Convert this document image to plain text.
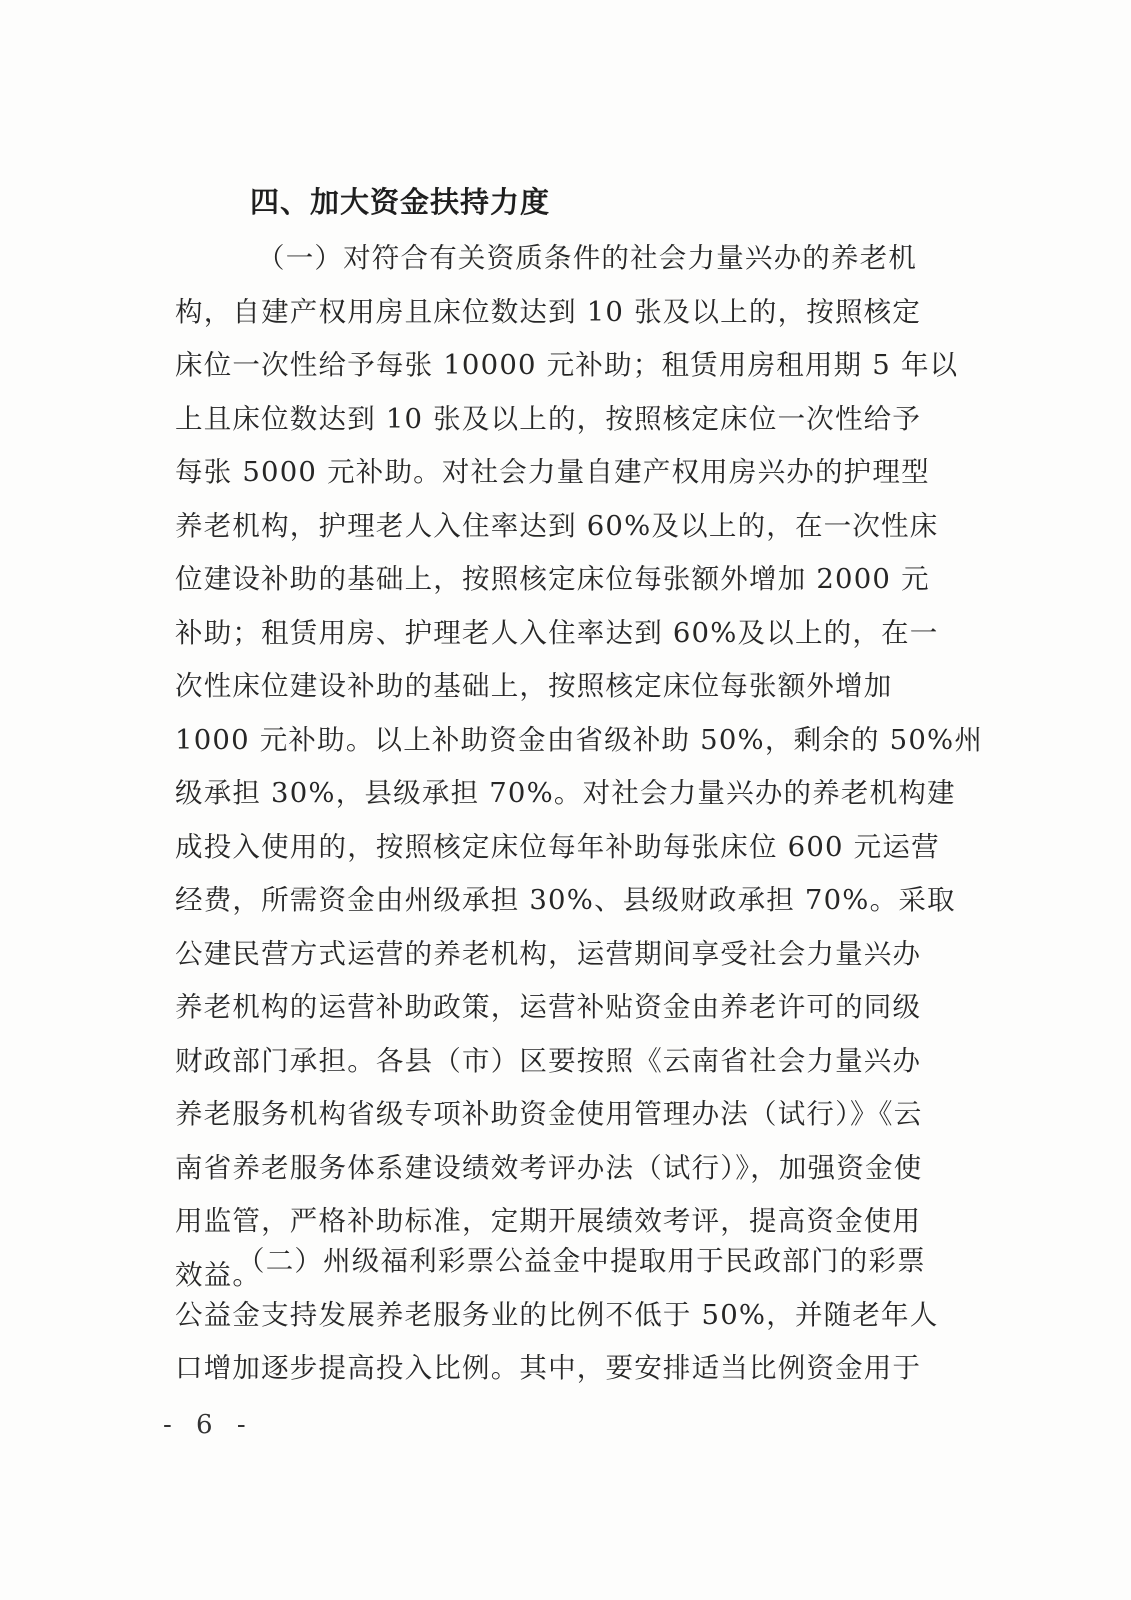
四、加大资金扶持力度
（一）对符合有关资质条件的社会力量兴办的养老机
构，自建产权用房且床位数达到 10 张及以上的，按照核定
床位一次性给予每张 10000 元补助；租赁用房租用期 5 年以
上且床位数达到 10 张及以上的，按照核定床位一次性给予
每张 5000 元补助。对社会力量自建产权用房兴办的护理型
养老机构，护理老人入住率达到 60%及以上的，在一次性床
位建设补助的基础上，按照核定床位每张额外增加 2000 元
补助；租赁用房、护理老人入住率达到 60%及以上的，在一
次性床位建设补助的基础上，按照核定床位每张额外增加
1000 元补助。以上补助资金由省级补助 50%，剩余的 50%州
级承担 30%，县级承担 70%。对社会力量兴办的养老机构建
成投入使用的，按照核定床位每年补助每张床位 600 元运营
经费，所需资金由州级承担 30%、县级财政承担 70%。采取
公建民营方式运营的养老机构，运营期间享受社会力量兴办
养老机构的运营补助政策，运营补贴资金由养老许可的同级
财政部门承担。各县（市）区要按照《云南省社会力量兴办
养老服务机构省级专项补助资金使用管理办法（试行）》《云
南省养老服务体系建设绩效考评办法（试行）》，加强资金使
用监管，严格补助标准，定期开展绩效考评，提高资金使用
效益。
（二）州级福利彩票公益金中提取用于民政部门的彩票
公益金支持发展养老服务业的比例不低于 50%，并随老年人
口增加逐步提高投入比例。其中，要安排适当比例资金用于
- 6 -
